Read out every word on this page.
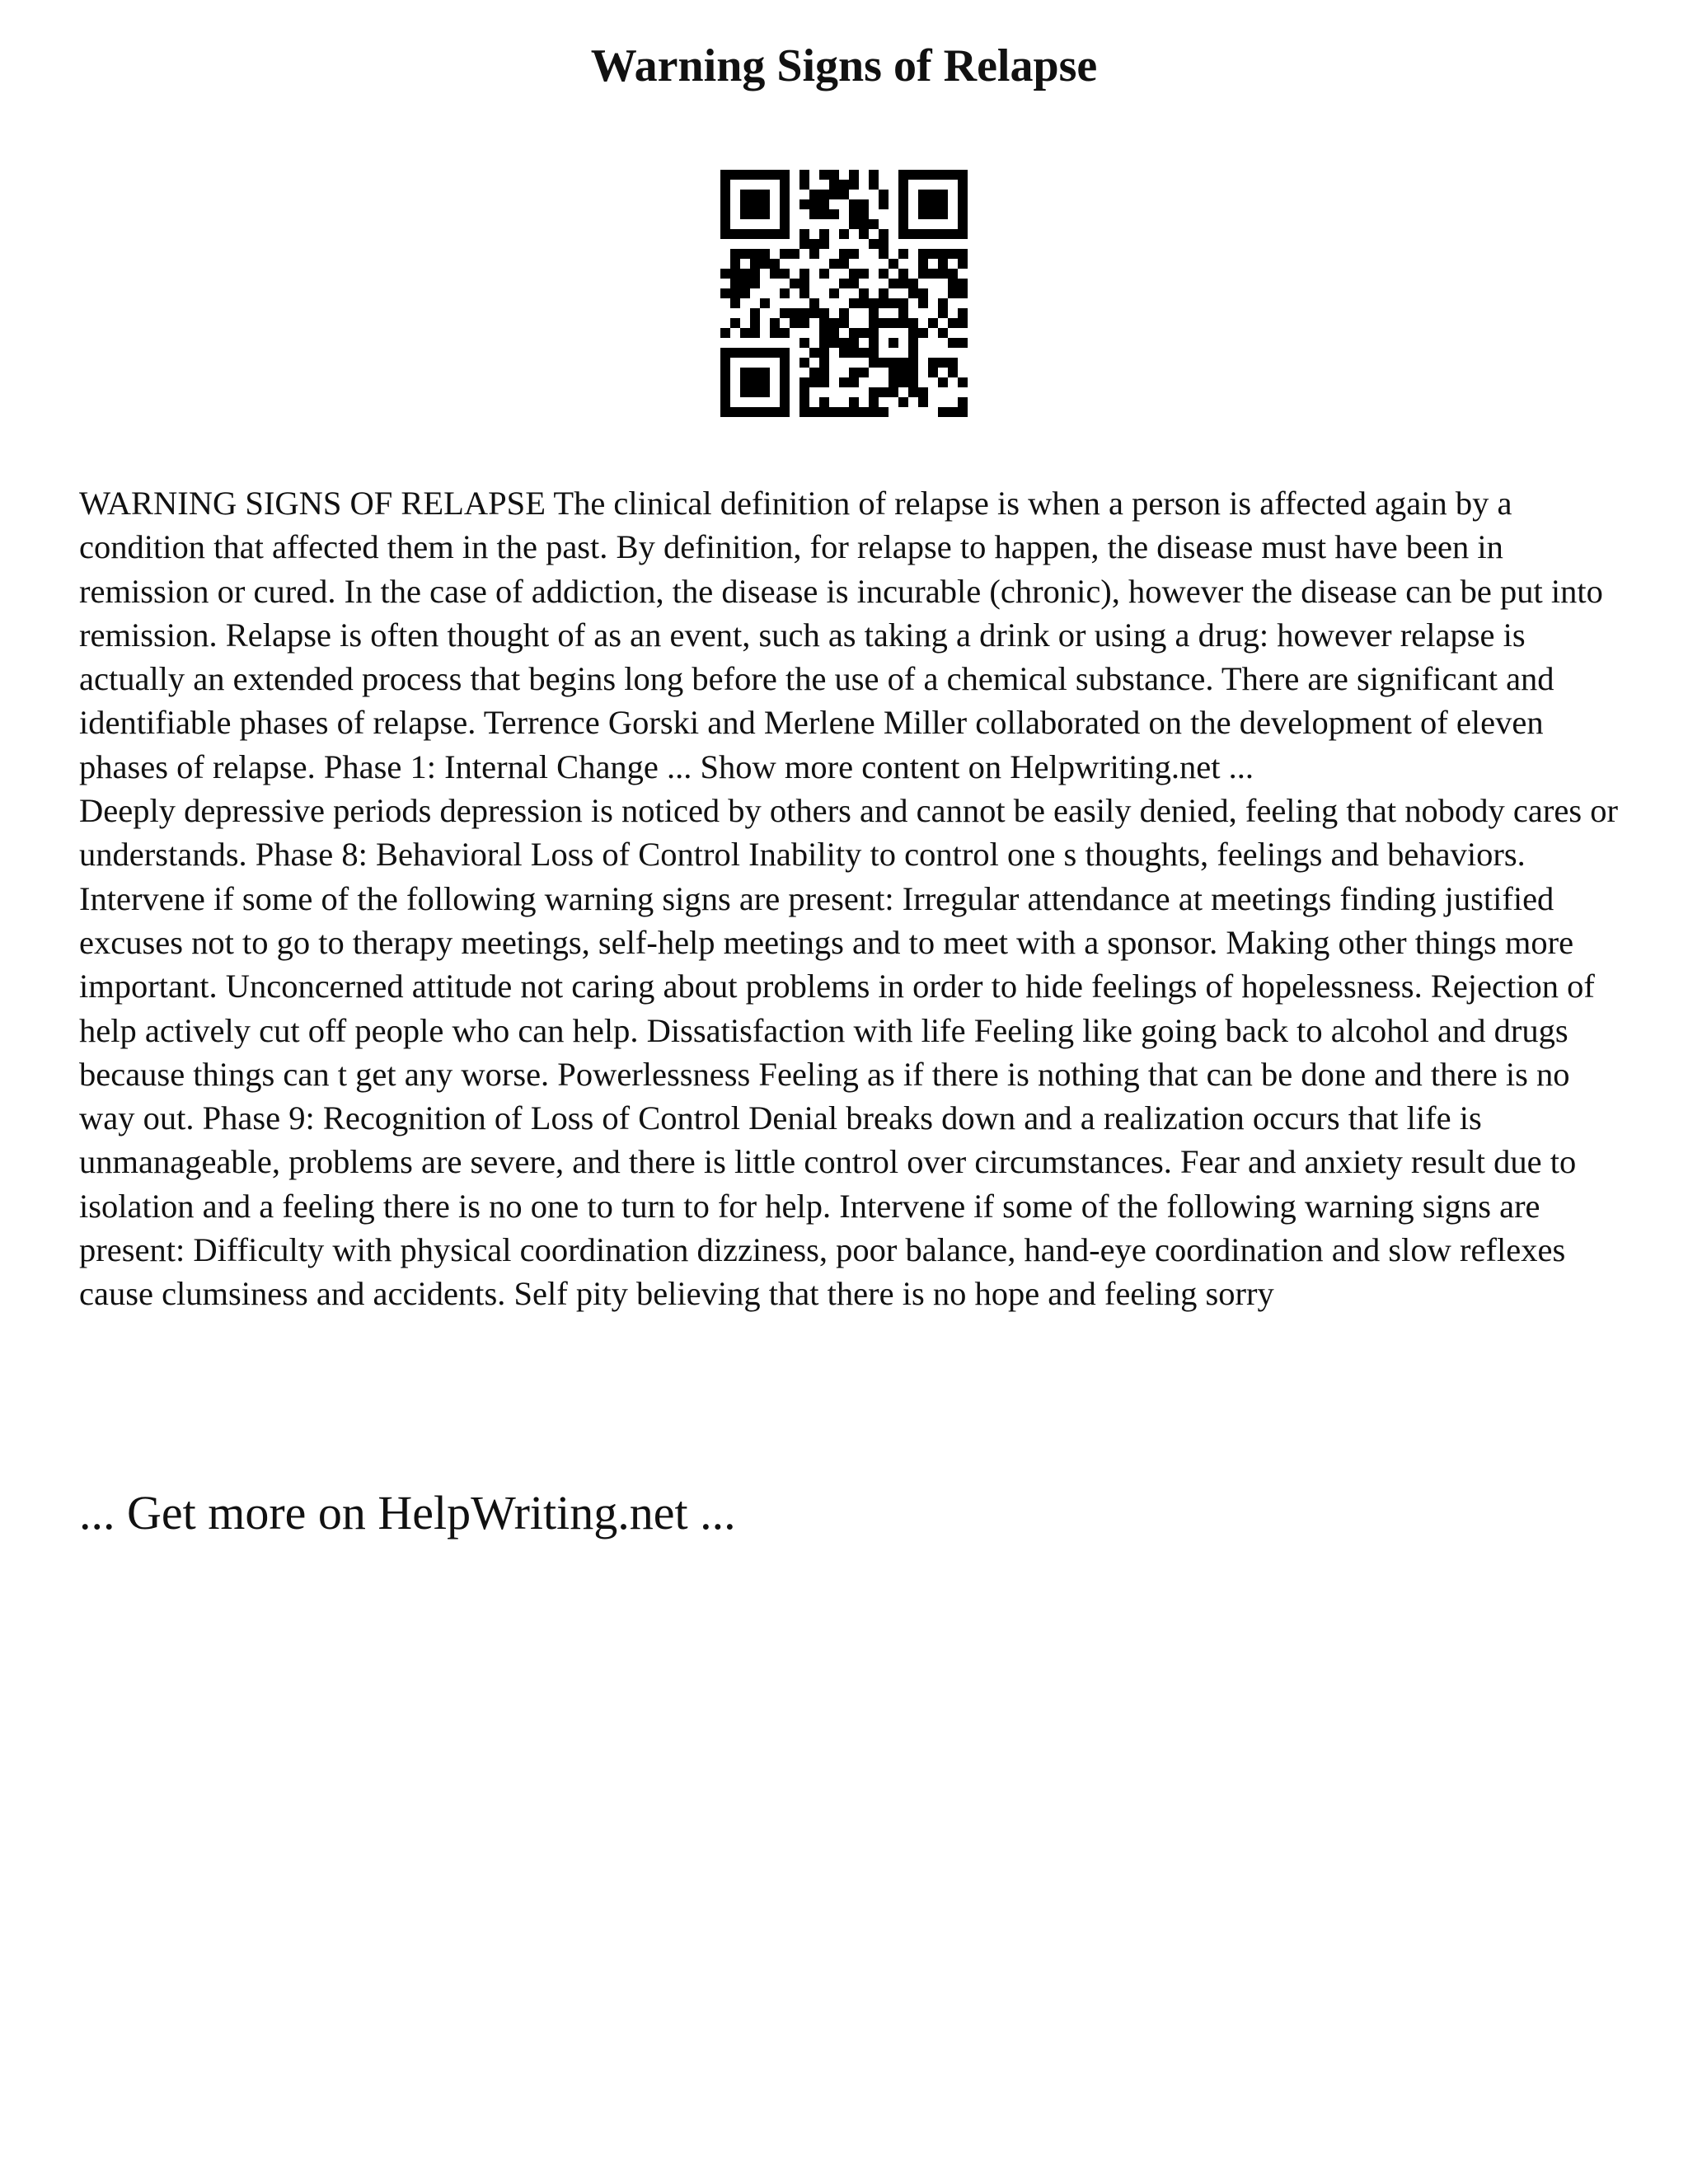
Warning Signs of Relapse

WARNING SIGNS OF RELAPSE The clinical definition of relapse is when a person is affected again by a condition that affected them in the past. By definition, for relapse to happen, the disease must have been in remission or cured. In the case of addiction, the disease is incurable (chronic), however the disease can be put into remission. Relapse is often thought of as an event, such as taking a drink or using a drug: however relapse is actually an extended process that begins long before the use of a chemical substance. There are significant and identifiable phases of relapse. Terrence Gorski and Merlene Miller collaborated on the development of eleven phases of relapse. Phase 1: Internal Change ... Show more content on Helpwriting.net ...

Deeply depressive periods depression is noticed by others and cannot be easily denied, feeling that nobody cares or understands. Phase 8: Behavioral Loss of Control Inability to control one s thoughts, feelings and behaviors. Intervene if some of the following warning signs are present: Irregular attendance at meetings finding justified excuses not to go to therapy meetings, self-help meetings and to meet with a sponsor. Making other things more important. Unconcerned attitude not caring about problems in order to hide feelings of hopelessness. Rejection of help actively cut off people who can help. Dissatisfaction with life Feeling like going back to alcohol and drugs because things can t get any worse. Powerlessness Feeling as if there is nothing that can be done and there is no way out. Phase 9: Recognition of Loss of Control Denial breaks down and a realization occurs that life is unmanageable, problems are severe, and there is little control over circumstances. Fear and anxiety result due to isolation and a feeling there is no one to turn to for help. Intervene if some of the following warning signs are present: Difficulty with physical coordination dizziness, poor balance, hand-eye coordination and slow reflexes cause clumsiness and accidents. Self pity believing that there is no hope and feeling sorry

... Get more on HelpWriting.net ...
